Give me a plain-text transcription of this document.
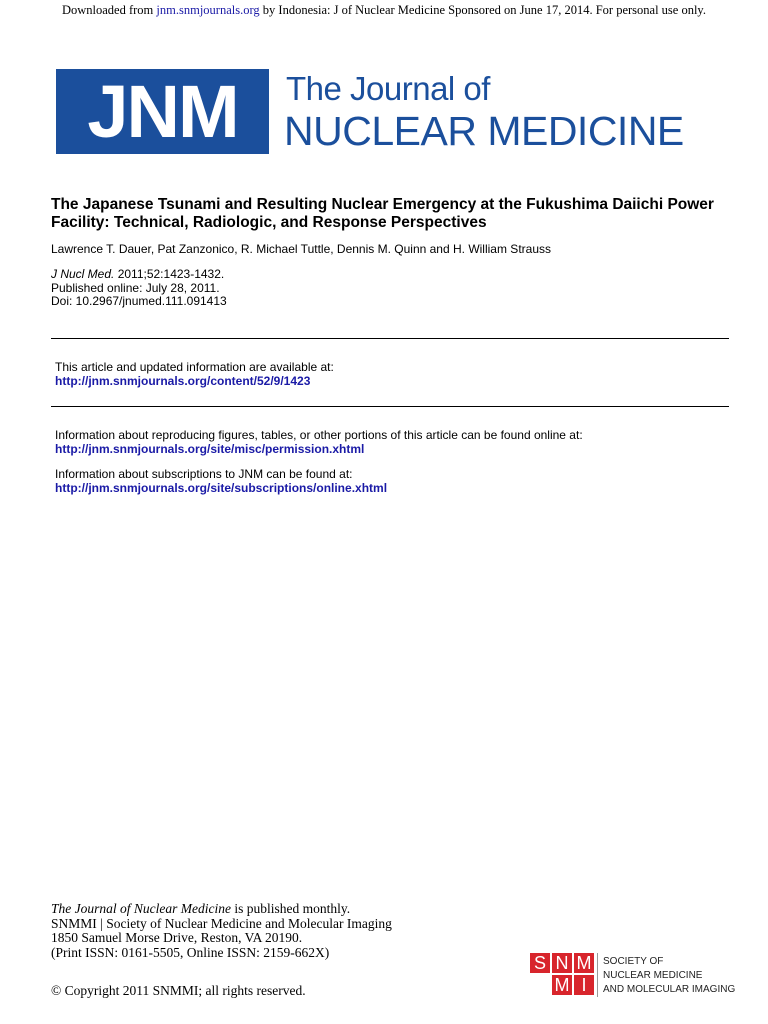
Downloaded from jnm.snmjournals.org by Indonesia: J of Nuclear Medicine Sponsored on June 17, 2014. For personal use only.
JNM The Journal of
NUCLEAR MEDICINE
The Japanese Tsunami and Resulting Nuclear Emergency at the Fukushima Daiichi Power Facility: Technical, Radiologic, and Response Perspectives
Lawrence T. Dauer, Pat Zanzonico, R. Michael Tuttle, Dennis M. Quinn and H. William Strauss
J Nucl Med. 2011;52:1423-1432.
Published online: July 28, 2011.
Doi: 10.2967/jnumed.111.091413
This article and updated information are available at:
http://jnm.snmjournals.org/content/52/9/1423
Information about reproducing figures, tables, or other portions of this article can be found online at:
http://jnm.snmjournals.org/site/misc/permission.xhtml
Information about subscriptions to JNM can be found at:
http://jnm.snmjournals.org/site/subscriptions/online.xhtml
The Journal of Nuclear Medicine is published monthly.
SNMMI | Society of Nuclear Medicine and Molecular Imaging
1850 Samuel Morse Drive, Reston, VA 20190.
(Print ISSN: 0161-5505, Online ISSN: 2159-662X)
© Copyright 2011 SNMMI; all rights reserved.
S N M
M I
SOCIETY OF
NUCLEAR MEDICINE
AND MOLECULAR IMAGING
